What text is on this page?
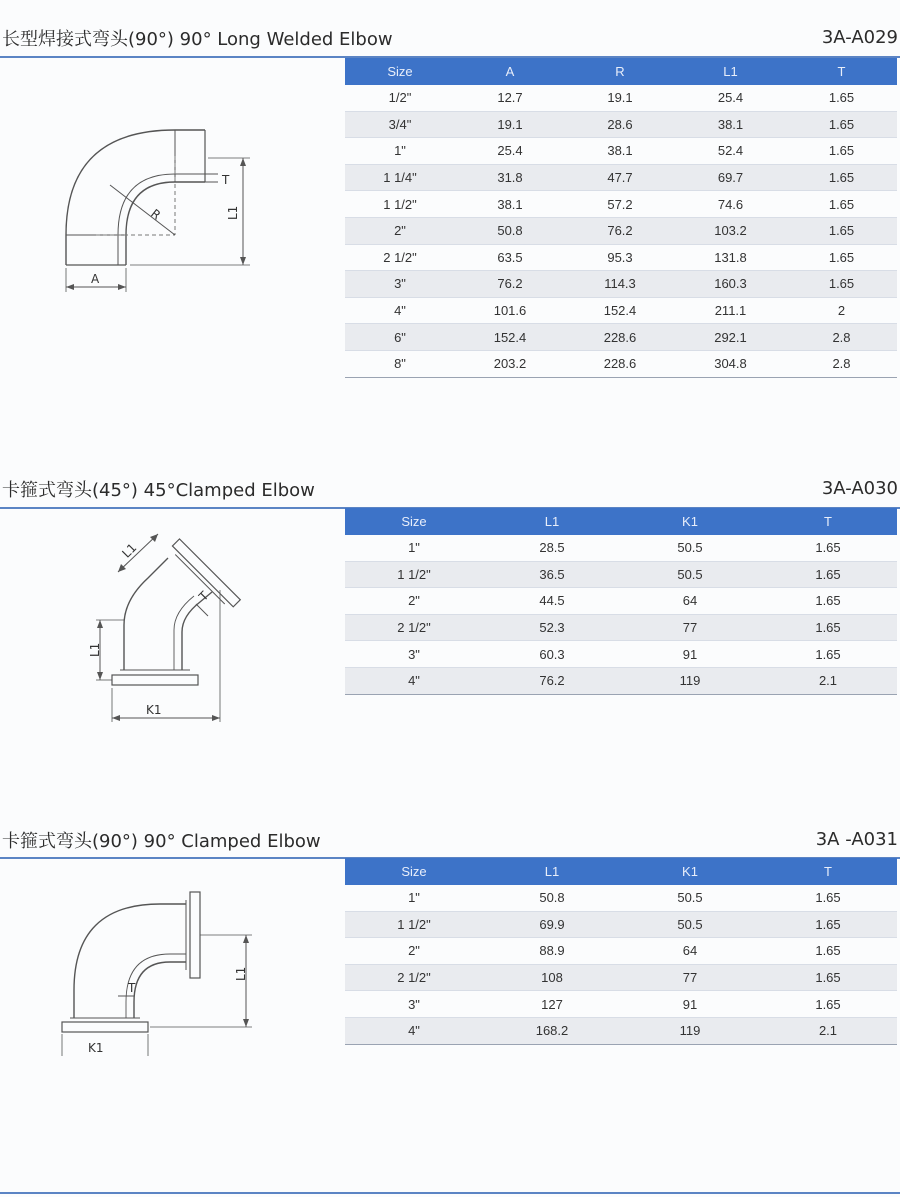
长型焊接式弯头(90°) 90° Long Welded Elbow	3A-A029
T
R	L1
A
Size	A	R	L1	T
1/2"	12.7	19.1	25.4	1.65
3/4"	19.1	28.6	38.1	1.65
1"	25.4	38.1	52.4	1.65
1 1/4"	31.8	47.7	69.7	1.65
1 1/2"	38.1	57.2	74.6	1.65
2"	50.8	76.2	103.2	1.65
2 1/2"	63.5	95.3	131.8	1.65
3"	76.2	114.3	160.3	1.65
4"	101.6	152.4	211.1	2
6"	152.4	228.6	292.1	2.8
8"	203.2	228.6	304.8	2.8
卡箍式弯头(45°) 45°Clamped Elbow	3A-A030
L1
T
L1
K1
Size	L1	K1	T
1"	28.5	50.5	1.65
1 1/2"	36.5	50.5	1.65
2"	44.5	64	1.65
2 1/2"	52.3	77	1.65
3"	60.3	91	1.65
4"	76.2	119	2.1
卡箍式弯头(90°) 90° Clamped Elbow	3A -A031
T
L1
K1
Size	L1	K1	T
1"	50.8	50.5	1.65
1 1/2"	69.9	50.5	1.65
2"	88.9	64	1.65
2 1/2"	108	77	1.65
3"	127	91	1.65
4"	168.2	119	2.1
